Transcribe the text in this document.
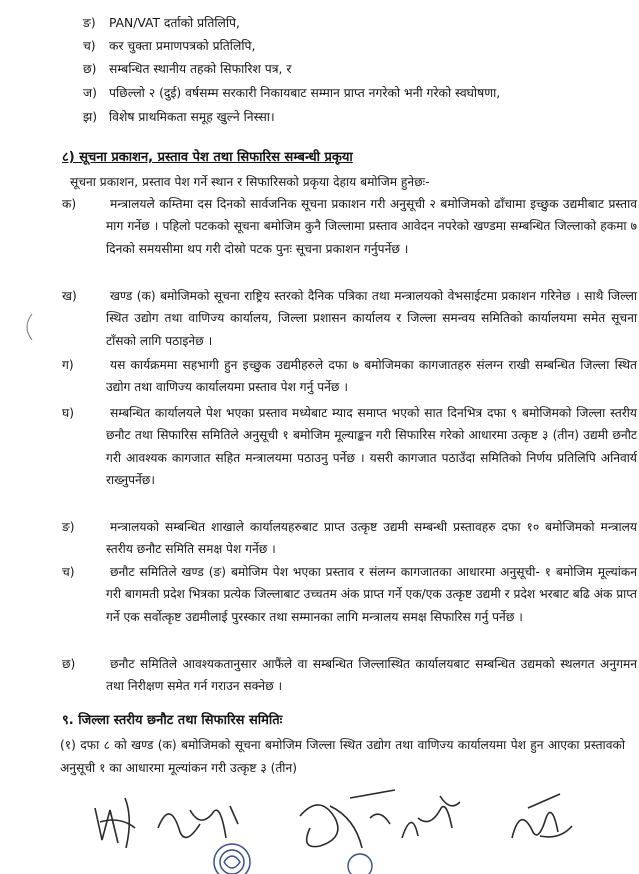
ङ) PAN/VAT दर्ताको प्रतिलिपि,
च) कर चुक्ता प्रमाणपत्रको प्रतिलिपि,
छ) सम्बन्धित स्थानीय तहको सिफारिश पत्र, र
ज) पछिल्लो २ (दुई) वर्षसम्म सरकारी निकायबाट सम्मान प्राप्त नगरेको भनी गरेको स्वघोषणा,
झ) विशेष प्राथमिकता समूह खुल्ने निस्सा।
८) सूचना प्रकाशन, प्रस्ताव पेश तथा सिफारिस सम्बन्धी प्रकृया
सूचना प्रकाशन, प्रस्ताव पेश गर्ने स्थान र सिफारिसको प्रकृया देहाय बमोजिम हुनेछः-
क)	मन्त्रालयले कम्तिमा दस दिनको सार्वजनिक सूचना प्रकाशन गरी अनुसूची २ बमोजिमको ढाँचामा इच्छुक उद्यमीबाट प्रस्ताव माग गर्नेछ । पहिलो पटकको सूचना बमोजिम कुनै जिल्लामा प्रस्ताव आवेदन नपरेको खण्डमा सम्बन्धित जिल्लाको हकमा ७ दिनको समयसीमा थप गरी दोस्रो पटक पुनः सूचना प्रकाशन गर्नुपर्नेछ ।
ख)	खण्ड (क) बमोजिमको सूचना राष्ट्रिय स्तरको दैनिक पत्रिका तथा मन्त्रालयको वेभसाईटमा प्रकाशन गरिनेछ । साथै जिल्ला स्थित उद्योग तथा वाणिज्य कार्यालय, जिल्ला प्रशासन कार्यालय र जिल्ला समन्वय समितिको कार्यालयमा समेत सूचना टाँसको लागि पठाइनेछ ।
ग)	यस कार्यक्रममा सहभागी हुन इच्छुक उद्यमीहरुले दफा ७ बमोजिमका कागजातहरु संलग्न राखी सम्बन्धित जिल्ला स्थित उद्योग तथा वाणिज्य कार्यालयमा प्रस्ताव पेश गर्नु पर्नेछ ।
घ)	सम्बन्धित कार्यालयले पेश भएका प्रस्ताव मध्येबाट म्याद समाप्त भएको सात दिनभित्र दफा ९ बमोजिमको जिल्ला स्तरीय छनौट तथा सिफारिस समितिले अनुसूची १ बमोजिम मूल्याङ्कन गरी सिफारिस गरेको आधारमा उत्कृष्ट ३ (तीन) उद्यमी छनौट गरी आवश्यक कागजात सहित मन्त्रालयमा पठाउनु पर्नेछ । यसरी कागजात पठाउँदा समितिको निर्णय प्रतिलिपि अनिवार्य राख्नुपर्नेछ।
ङ)	मन्त्रालयको सम्बन्धित शाखाले कार्यालयहरुबाट प्राप्त उत्कृष्ट उद्यमी सम्बन्धी प्रस्तावहरु दफा १० बमोजिमको मन्त्रालय स्तरीय छनौट समिति समक्ष पेश गर्नेछ ।
च)	छनौट समितिले खण्ड (ङ) बमोजिम पेश भएका प्रस्ताव र संलग्न कागजातका आधारमा अनुसूची- १ बमोजिम मूल्यांकन गरी बागमती प्रदेश भित्रका प्रत्येक जिल्लाबाट उच्चतम अंक प्राप्त गर्ने एक/एक उत्कृष्ट उद्यमी र प्रदेश भरबाट बढि अंक प्राप्त गर्ने एक सर्वोत्कृष्ट उद्यमीलाई पुरस्कार तथा सम्मानका लागि मन्त्रालय समक्ष सिफारिस गर्नु पर्नेछ ।
छ)	छनौट समितिले आवश्यकतानुसार आफैंले वा सम्बन्धित जिल्लास्थित कार्यालयबाट सम्बन्धित उद्यमको स्थलगत अनुगमन तथा निरीक्षण समेत गर्न गराउन सक्नेछ ।
९. जिल्ला स्तरीय छनौट तथा सिफारिस समितिः
(१) दफा ८ को खण्ड (क) बमोजिमको सूचना बमोजिम जिल्ला स्थित उद्योग तथा वाणिज्य कार्यालयमा पेश हुन आएका प्रस्तावको अनुसूची १ का आधारमा मूल्यांकन गरी उत्कृष्ट ३ (तीन)
